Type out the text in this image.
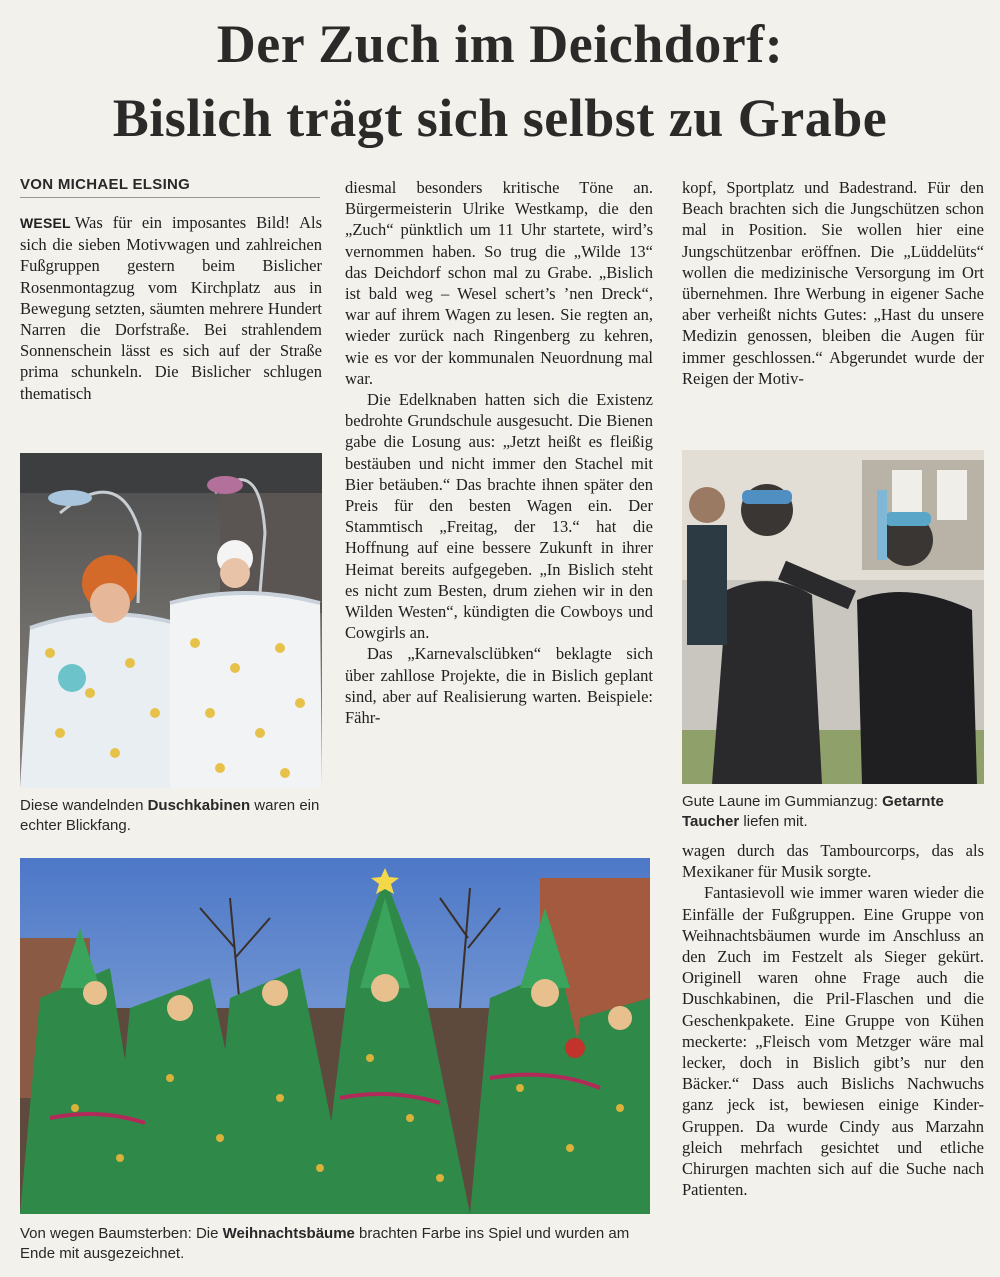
Der Zuch im Deichdorf:
Bislich trägt sich selbst zu Grabe
VON MICHAEL ELSING

WESEL Was für ein imposantes Bild! Als sich die sieben Motivwagen und zahlreichen Fußgruppen gestern beim Bislicher Rosenmontagzug vom Kirchplatz aus in Bewegung setzten, säumten mehrere Hundert Narren die Dorfstraße. Bei strahlendem Sonnenschein lässt es sich auf der Straße prima schunkeln. Die Bislicher schlugen thematisch

Diese wandelnden Duschkabinen waren ein echter Blickfang.

diesmal besonders kritische Töne an. Bürgermeisterin Ulrike Westkamp, die den „Zuch“ pünktlich um 11 Uhr startete, wird’s vernommen haben. So trug die „Wilde 13“ das Deichdorf schon mal zu Grabe. „Bislich ist bald weg – Wesel schert’s ’nen Dreck“, war auf ihrem Wagen zu lesen. Sie regten an, wieder zurück nach Ringenberg zu kehren, wie es vor der kommunalen Neuordnung mal war.

Die Edelknaben hatten sich die Existenz bedrohte Grundschule ausgesucht. Die Bienen gabe die Losung aus: „Jetzt heißt es fleißig bestäuben und nicht immer den Stachel mit Bier betäuben.“ Das brachte ihnen später den Preis für den besten Wagen ein. Der Stammtisch „Freitag, der 13.“ hat die Hoffnung auf eine bessere Zukunft in ihrer Heimat bereits aufgegeben. „In Bislich steht es nicht zum Besten, drum ziehen wir in den Wilden Westen“, kündigten die Cowboys und Cowgirls an.

Das „Karnevalsclübken“ beklagte sich über zahllose Projekte, die in Bislich geplant sind, aber auf Realisierung warten. Beispiele: Fähr-

kopf, Sportplatz und Badestrand. Für den Beach brachten sich die Jungschützen schon mal in Position. Sie wollen hier eine Jungschützenbar eröffnen. Die „Lüddelüts“ wollen die medizinische Versorgung im Ort übernehmen. Ihre Werbung in eigener Sache aber verheißt nichts Gutes: „Hast du unsere Medizin genossen, bleiben die Augen für immer geschlossen.“ Abgerundet wurde der Reigen der Motiv-

Gute Laune im Gummianzug: Getarnte Taucher liefen mit.

wagen durch das Tambourcorps, das als Mexikaner für Musik sorgte.

Fantasievoll wie immer waren wieder die Einfälle der Fußgruppen. Eine Gruppe von Weihnachtsbäumen wurde im Anschluss an den Zuch im Festzelt als Sieger gekürt. Originell waren ohne Frage auch die Duschkabinen, die Pril-Flaschen und die Geschenkpakete. Eine Gruppe von Kühen meckerte: „Fleisch vom Metzger wäre mal lecker, doch in Bislich gibt’s nur den Bäcker.“ Dass auch Bislichs Nachwuchs ganz jeck ist, bewiesen einige Kinder-Gruppen. Da wurde Cindy aus Marzahn gleich mehrfach gesichtet und etliche Chirurgen machten sich auf die Suche nach Patienten.

Von wegen Baumsterben: Die Weihnachtsbäume brachten Farbe ins Spiel und wurden am Ende mit ausgezeichnet.
